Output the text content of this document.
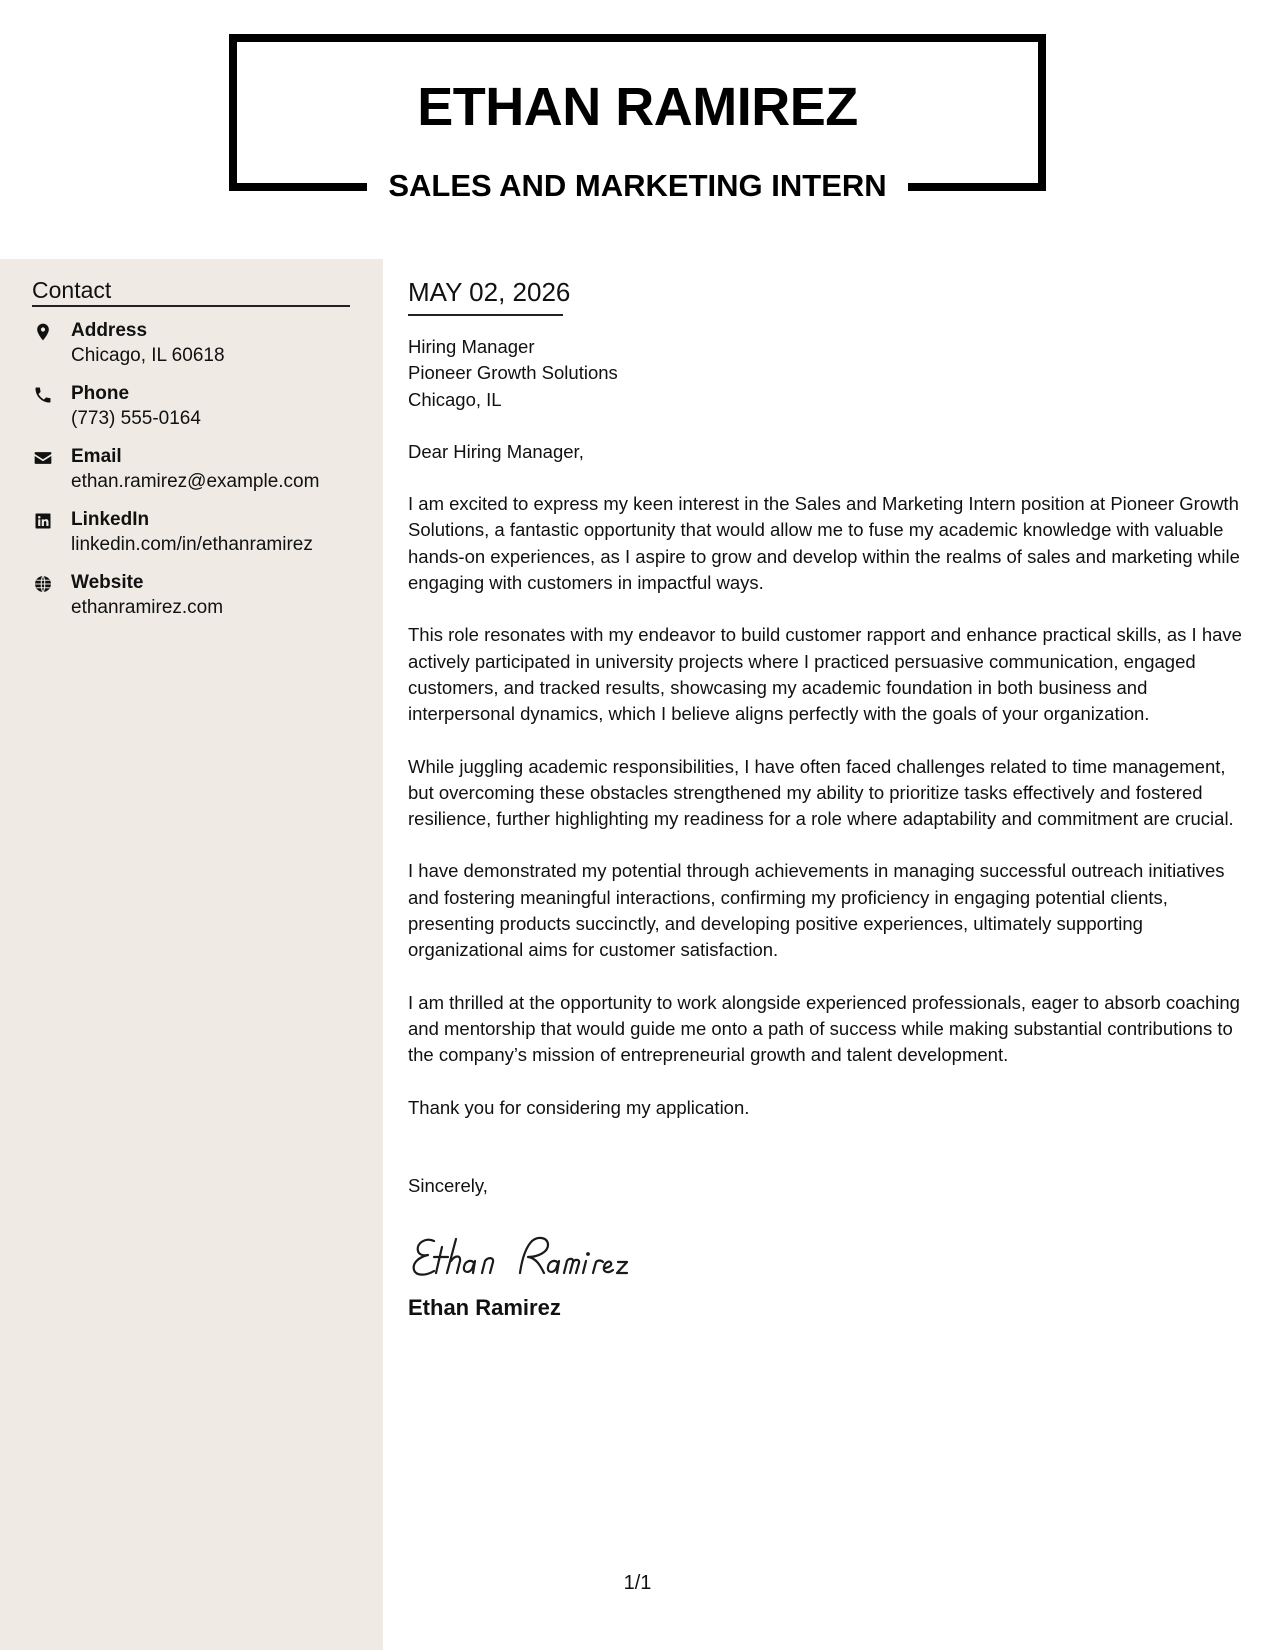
ETHAN RAMIREZ
SALES AND MARKETING INTERN
Contact
Address
Chicago, IL 60618
Phone
(773) 555-0164
Email
ethan.ramirez@example.com
LinkedIn
linkedin.com/in/ethanramirez
Website
ethanramirez.com
MAY 02, 2026
Hiring Manager
Pioneer Growth Solutions
Chicago, IL
Dear Hiring Manager,
I am excited to express my keen interest in the Sales and Marketing Intern position at Pioneer Growth Solutions, a fantastic opportunity that would allow me to fuse my academic knowledge with valuable hands-on experiences, as I aspire to grow and develop within the realms of sales and marketing while engaging with customers in impactful ways.
This role resonates with my endeavor to build customer rapport and enhance practical skills, as I have actively participated in university projects where I practiced persuasive communication, engaged customers, and tracked results, showcasing my academic foundation in both business and interpersonal dynamics, which I believe aligns perfectly with the goals of your organization.
While juggling academic responsibilities, I have often faced challenges related to time management, but overcoming these obstacles strengthened my ability to prioritize tasks effectively and fostered resilience, further highlighting my readiness for a role where adaptability and commitment are crucial.
I have demonstrated my potential through achievements in managing successful outreach initiatives and fostering meaningful interactions, confirming my proficiency in engaging potential clients, presenting products succinctly, and developing positive experiences, ultimately supporting organizational aims for customer satisfaction.
I am thrilled at the opportunity to work alongside experienced professionals, eager to absorb coaching and mentorship that would guide me onto a path of success while making substantial contributions to the company’s mission of entrepreneurial growth and talent development.
Thank you for considering my application.
Sincerely,
Ethan Ramirez
1/1
